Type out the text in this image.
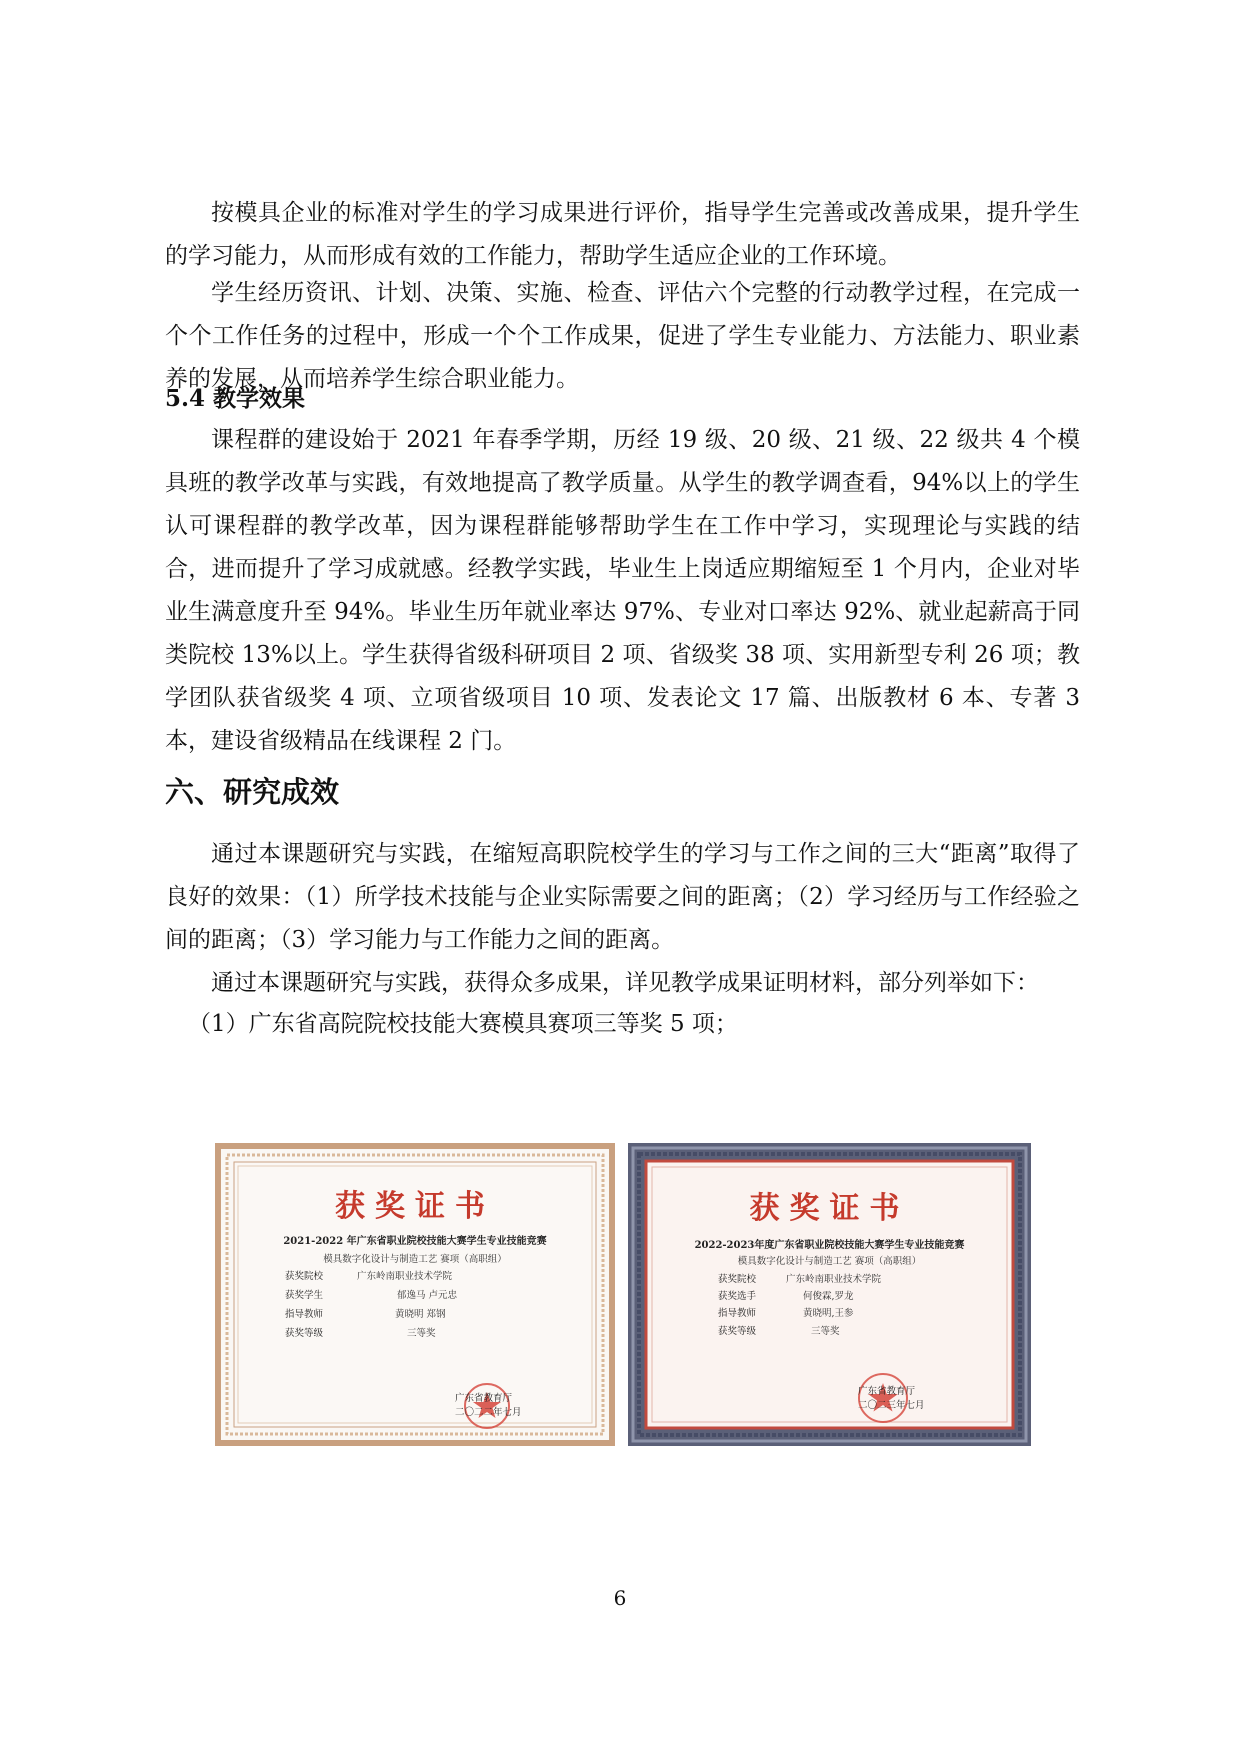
按模具企业的标准对学生的学习成果进行评价，指导学生完善或改善成果，提升学生的学习能力，从而形成有效的工作能力，帮助学生适应企业的工作环境。

学生经历资讯、计划、决策、实施、检查、评估六个完整的行动教学过程，在完成一个个工作任务的过程中，形成一个个工作成果，促进了学生专业能力、方法能力、职业素养的发展，从而培养学生综合职业能力。

5.4 教学效果

课程群的建设始于 2021 年春季学期，历经 19 级、20 级、21 级、22 级共 4 个模具班的教学改革与实践，有效地提高了教学质量。从学生的教学调查看，94%以上的学生认可课程群的教学改革，因为课程群能够帮助学生在工作中学习，实现理论与实践的结合，进而提升了学习成就感。经教学实践，毕业生上岗适应期缩短至 1 个月内，企业对毕业生满意度升至 94%。毕业生历年就业率达 97%、专业对口率达 92%、就业起薪高于同类院校 13%以上。学生获得省级科研项目 2 项、省级奖 38 项、实用新型专利 26 项；教学团队获省级奖 4 项、立项省级项目 10 项、发表论文 17 篇、出版教材 6 本、专著 3 本，建设省级精品在线课程 2 门。

六、研究成效

通过本课题研究与实践，在缩短高职院校学生的学习与工作之间的三大“距离”取得了良好的效果：（1）所学技术技能与企业实际需要之间的距离；（2）学习经历与工作经验之间的距离；（3）学习能力与工作能力之间的距离。

通过本课题研究与实践，获得众多成果，详见教学成果证明材料，部分列举如下：

（1）广东省高院院校技能大赛模具赛项三等奖 5 项；

获奖证书
2021-2022 年广东省职业院校技能大赛学生专业技能竞赛
模具数字化设计与制造工艺 赛项（高职组）
获奖院校	广东岭南职业技术学院
获奖学生	郁逸马 卢元忠
指导教师	黄晓明 郑钢
获奖等级	三等奖
广东省教育厅
二〇二二年七月
获奖证书
2022-2023年度广东省职业院校技能大赛学生专业技能竞赛
模具数字化设计与制造工艺 赛项（高职组）
获奖院校	广东岭南职业技术学院
获奖选手	何俊霖,罗龙
指导教师	黄晓明,王参
获奖等级	三等奖
广东省教育厅
二〇二三年七月
6
